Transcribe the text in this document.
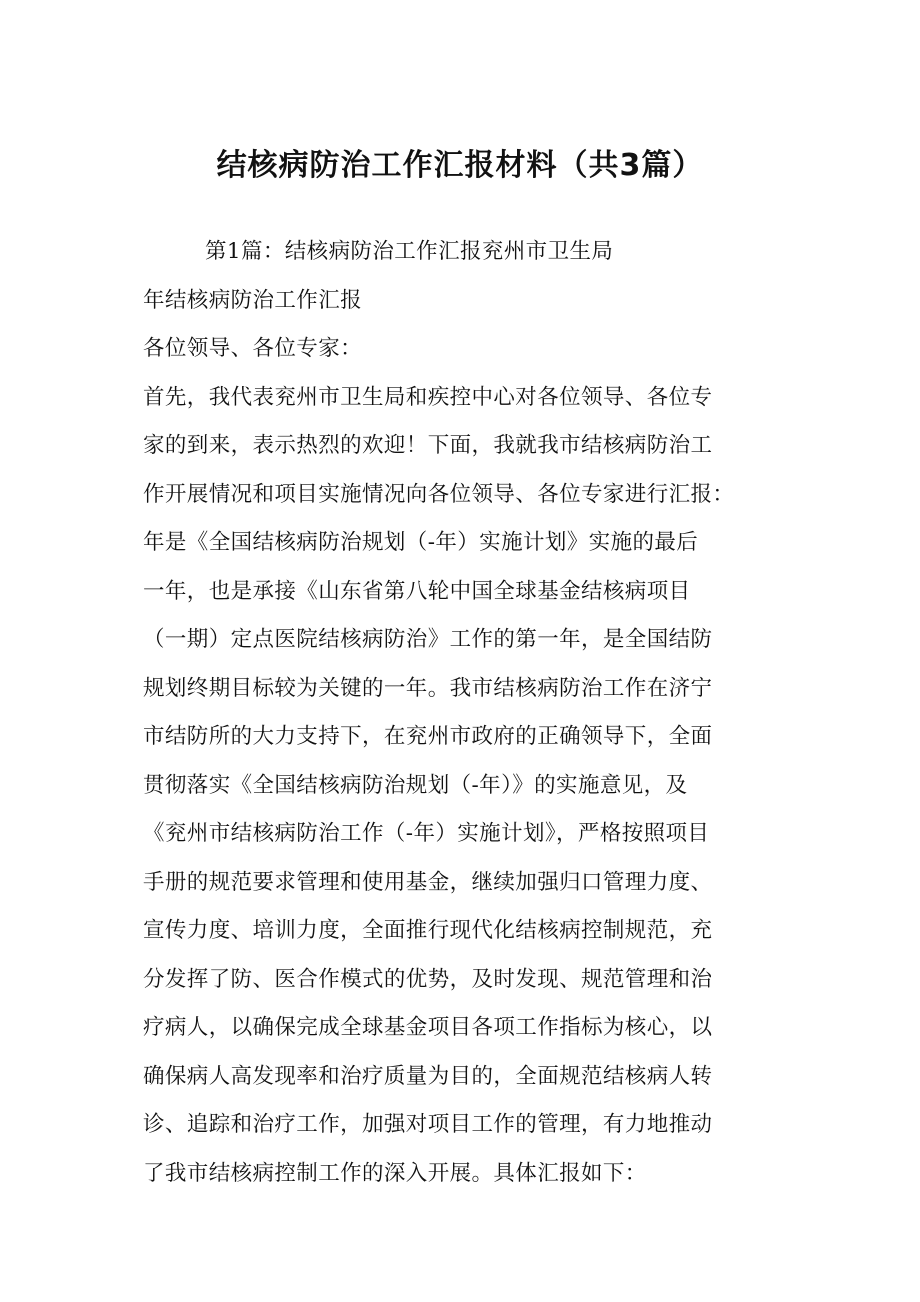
结核病防治工作汇报材料（共3篇）
第1篇：结核病防治工作汇报兖州市卫生局
年结核病防治工作汇报
各位领导、各位专家：
首先，我代表兖州市卫生局和疾控中心对各位领导、各位专
家的到来，表示热烈的欢迎！下面，我就我市结核病防治工
作开展情况和项目实施情况向各位领导、各位专家进行汇报：
年是《全国结核病防治规划（-年）实施计划》实施的最后
一年，也是承接《山东省第八轮中国全球基金结核病项目
（一期）定点医院结核病防治》工作的第一年，是全国结防
规划终期目标较为关键的一年。我市结核病防治工作在济宁
市结防所的大力支持下，在兖州市政府的正确领导下，全面
贯彻落实《全国结核病防治规划（-年）》的实施意见，及
《兖州市结核病防治工作（-年）实施计划》，严格按照项目
手册的规范要求管理和使用基金，继续加强归口管理力度、
宣传力度、培训力度，全面推行现代化结核病控制规范，充
分发挥了防、医合作模式的优势，及时发现、规范管理和治
疗病人，以确保完成全球基金项目各项工作指标为核心，以
确保病人高发现率和治疗质量为目的，全面规范结核病人转
诊、追踪和治疗工作，加强对项目工作的管理，有力地推动
了我市结核病控制工作的深入开展。具体汇报如下：
